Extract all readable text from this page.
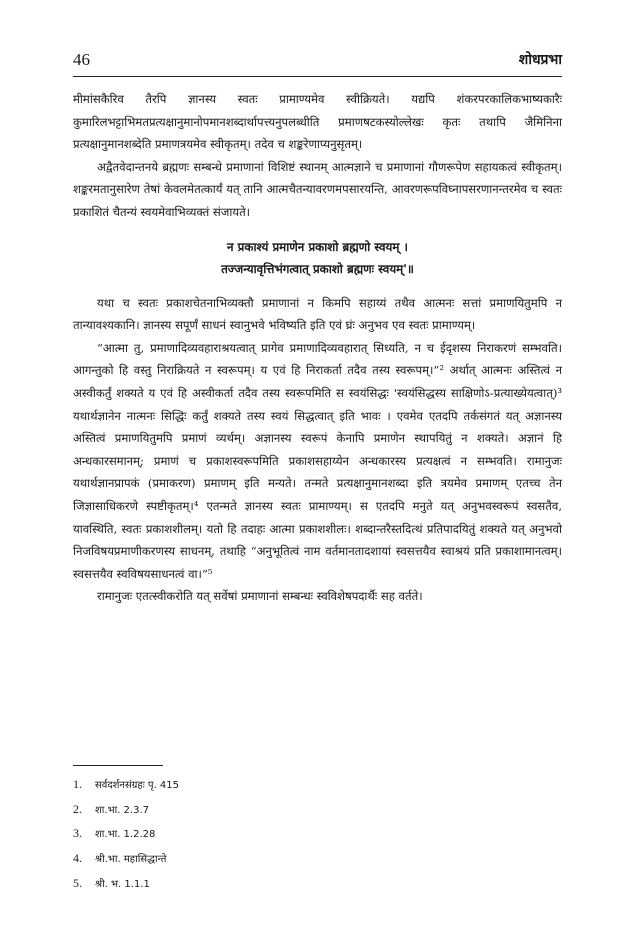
46	शोधप्रभा

मीमांसकैरिव तैरपि ज्ञानस्य स्वतः प्रामाण्यमेव स्वीक्रियते। यद्यपि शंकरपरकालिकभाष्यकारैः कुमारिलभट्टाभिमतप्रत्यक्षानुमानोपमानशब्दार्थापत्त्यनुपलब्धीति प्रमाणषटकस्योल्लेखः कृतः तथापि जैमिनिना प्रत्यक्षानुमानशब्देति प्रमाणत्रयमेव स्वीकृतम्। तदेव च शङ्करेणाप्यनुसृतम्।

अद्वैतवेदान्तनये ब्रह्मणः सम्बन्धे प्रमाणानां विशिष्टं स्थानम् आत्मज्ञाने च प्रमाणानां गौणरूपेण सहायकत्वं स्वीकृतम्। शङ्करमतानुसारेण तेषां केवलमेतत्कार्यं यत् तानि आत्मचैतन्यावरणमपसारयन्ति, आवरणरूपविघ्नापसरणानन्तरमेव च स्वतः प्रकाशितं चैतन्यं स्वयमेवाभिव्यक्तं संजायते।

न प्रकाश्यं प्रमाणेन प्रकाशो ब्रह्मणो स्वयम् ।
तज्जन्यावृत्तिभंगत्वात् प्रकाशो ब्रह्मणः स्वयम्'॥

यथा च स्वतः प्रकाशचेतनाभिव्यक्तौ प्रमाणानां न किमपि सहाय्यं तथैव आत्मनः सत्तां प्रमाणयितुमपि न तान्यावश्यकानि। ज्ञानस्य सपूर्णं साधनं स्वानुभवे भविष्यति इति एवं घ्रंः अनुभव एव स्वतः प्रामाण्यम्।

“आत्मा तु, प्रमाणादिव्यवहाराश्रयत्वात् प्रागेव प्रमाणादिव्यवहारात् सिध्यति, न च ईदृशस्य निराकरणं सम्भवति। आगन्तुको हि वस्तु निराक्रियते न स्वरूपम्। य एवं हि निराकर्ता तदैव तस्य स्वरूपम्।”² अर्थात् आत्मनः अस्तित्वं न अस्वीकर्तुं शक्यते य एवं हि अस्वीकर्ता तदैव तस्य स्वरूपमिति स स्वयंसिद्धः 'स्वयंसिद्धस्य साक्षिणोऽ-प्रत्याख्येयत्वात्)³ यथार्थज्ञानेन नात्मनः सिद्धिः कर्तुं शक्यते तस्य स्वयं सिद्धत्वात् इति भावः । एवमेव एतदपि तर्कसंगतं यत् अज्ञानस्य अस्तित्वं प्रमाणयितुमपि प्रमाणं व्यर्थम्। अज्ञानस्य स्वरूपं केनापि प्रमाणेन स्थापयितुं न शक्यते। अज्ञानं हि अन्धकारसमानम्; प्रमाणं च प्रकाशस्वरूपमिति प्रकाशसहाय्येन अन्धकारस्य प्रत्यक्षत्वं न सम्भवति। रामानुजः यथार्थज्ञानप्रापकं (प्रमाकरण) प्रमाणम् इति मन्यते। तन्मते प्रत्यक्षानुमानशब्दा इति त्रयमेव प्रमाणम् एतच्च तेन जिज्ञासाधिकरणे स्पष्टीकृतम्।⁴ एतन्मते ज्ञानस्य स्वतः प्रामाण्यम्। स एतदपि मनुते यत् अनुभवस्वरूपं स्वसतैव, यावस्थिति, स्वतः प्रकाशशीलम्। यतो हि तदाहः आत्मा प्रकाशशीलः। शब्दान्तरैस्तदित्थं प्रतिपादयितुं शक्यते यत् अनुभवो निजविषयप्रमाणीकरणस्य साधनम्, तथाहि “अनुभूतित्वं नाम वर्तमानतादशायां स्वसत्तयैव स्वाश्रयं प्रति प्रकाशामानत्वम्। स्वसत्तयैव स्वविषयसाधनत्वं वा।”⁵

रामानुजः एतत्स्वीकरोति यत् सर्वेषां प्रमाणानां सम्बन्धः स्वविशेषपदार्थैः सह वर्तते।

1. सर्वदर्शनसंग्रहः पृ. 415
2. शा.भा. 2.3.7
3. शा.भा. 1.2.28
4. श्री.भा. महासिद्धान्ते
5. श्री. भ. 1.1.1
